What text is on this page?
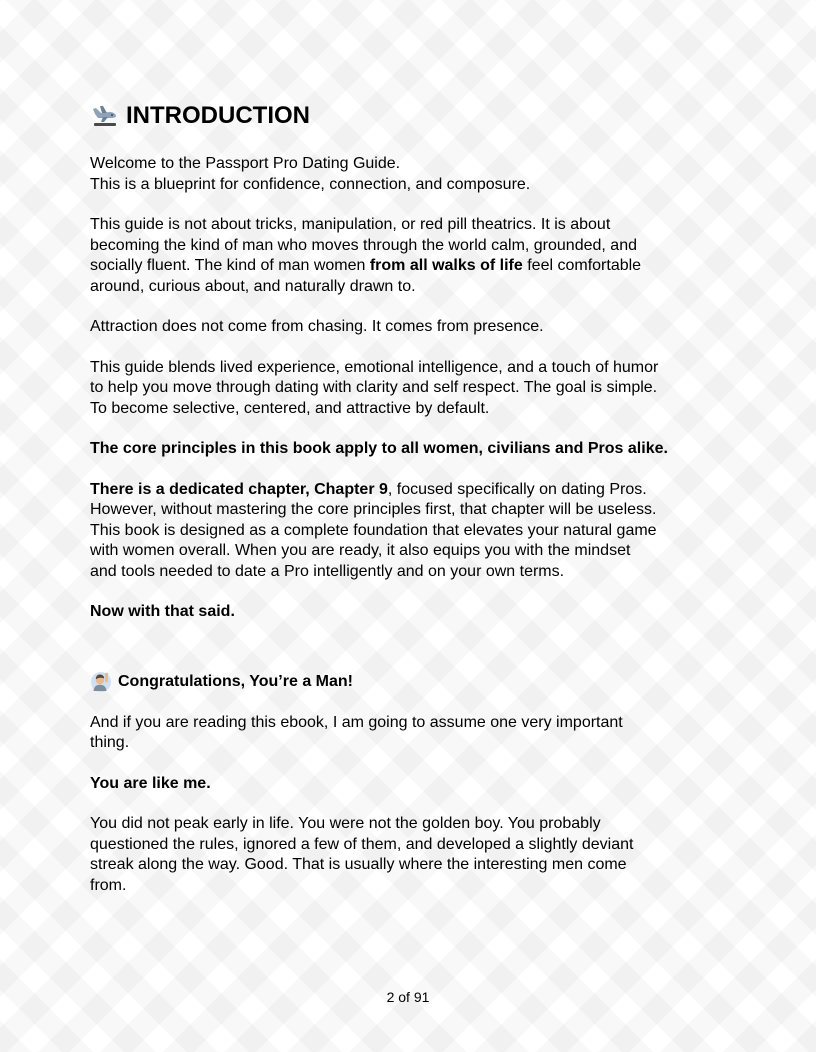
INTRODUCTION

Welcome to the Passport Pro Dating Guide.
This is a blueprint for confidence, connection, and composure.

This guide is not about tricks, manipulation, or red pill theatrics. It is about
becoming the kind of man who moves through the world calm, grounded, and
socially fluent. The kind of man women from all walks of life feel comfortable
around, curious about, and naturally drawn to.

Attraction does not come from chasing. It comes from presence.

This guide blends lived experience, emotional intelligence, and a touch of humor
to help you move through dating with clarity and self respect. The goal is simple.
To become selective, centered, and attractive by default.

The core principles in this book apply to all women, civilians and Pros alike.

There is a dedicated chapter, Chapter 9, focused specifically on dating Pros.
However, without mastering the core principles first, that chapter will be useless.
This book is designed as a complete foundation that elevates your natural game
with women overall. When you are ready, it also equips you with the mindset
and tools needed to date a Pro intelligently and on your own terms.

Now with that said.

Congratulations, You’re a Man!

And if you are reading this ebook, I am going to assume one very important
thing.

You are like me.

You did not peak early in life. You were not the golden boy. You probably
questioned the rules, ignored a few of them, and developed a slightly deviant
streak along the way. Good. That is usually where the interesting men come
from.

2 of 91
